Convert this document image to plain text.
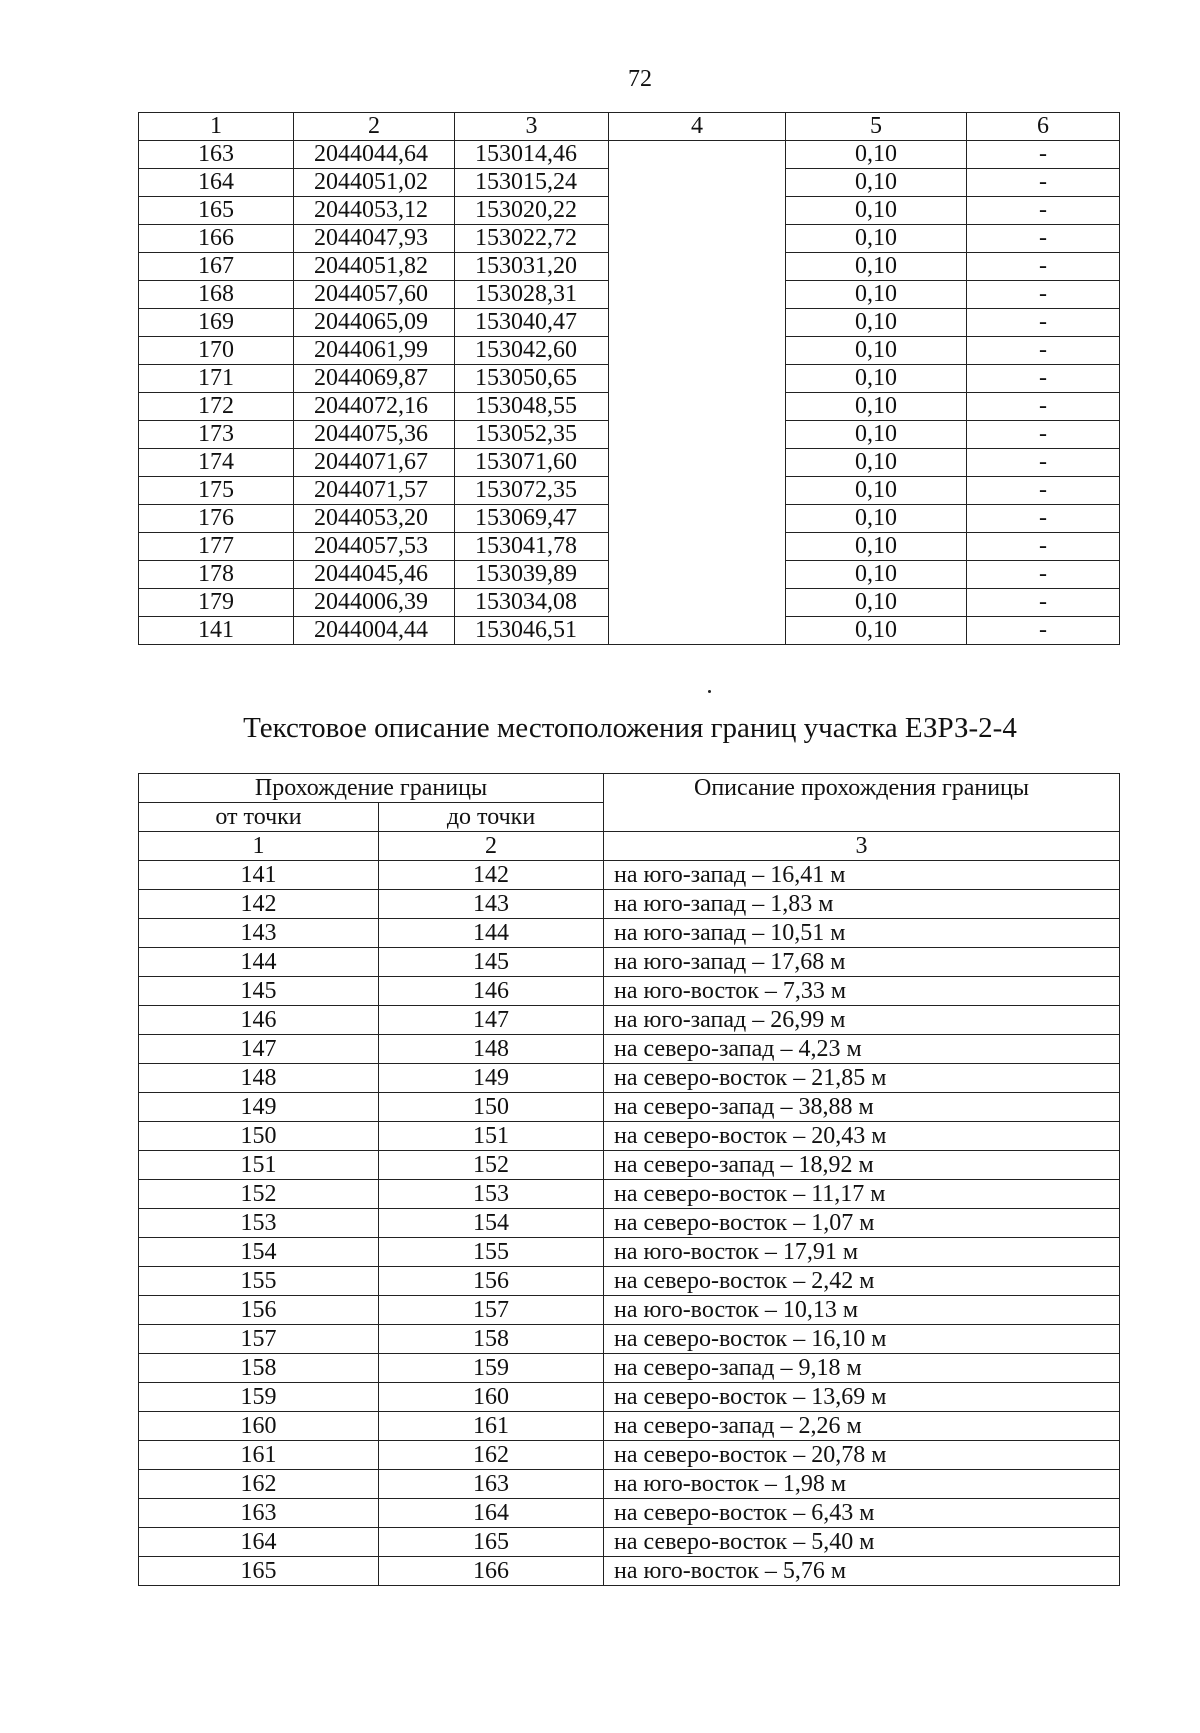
72
1	2	3	4	5	6
163	2044044,64	153014,46		0,10	-
164	2044051,02	153015,24		0,10	-
165	2044053,12	153020,22		0,10	-
166	2044047,93	153022,72		0,10	-
167	2044051,82	153031,20		0,10	-
168	2044057,60	153028,31		0,10	-
169	2044065,09	153040,47		0,10	-
170	2044061,99	153042,60		0,10	-
171	2044069,87	153050,65		0,10	-
172	2044072,16	153048,55		0,10	-
173	2044075,36	153052,35		0,10	-
174	2044071,67	153071,60		0,10	-
175	2044071,57	153072,35		0,10	-
176	2044053,20	153069,47		0,10	-
177	2044057,53	153041,78		0,10	-
178	2044045,46	153039,89		0,10	-
179	2044006,39	153034,08		0,10	-
141	2044004,44	153046,51		0,10	-
Текстовое описание местоположения границ участка ЕЗРЗ-2-4
Прохождение границы		Описание прохождения границы
от точки	до точки	
1	2	3
141	142	на юго-запад – 16,41 м
142	143	на юго-запад – 1,83 м
143	144	на юго-запад – 10,51 м
144	145	на юго-запад – 17,68 м
145	146	на юго-восток – 7,33 м
146	147	на юго-запад – 26,99 м
147	148	на северо-запад – 4,23 м
148	149	на северо-восток – 21,85 м
149	150	на северо-запад – 38,88 м
150	151	на северо-восток – 20,43 м
151	152	на северо-запад – 18,92 м
152	153	на северо-восток – 11,17 м
153	154	на северо-восток – 1,07 м
154	155	на юго-восток – 17,91 м
155	156	на северо-восток – 2,42 м
156	157	на юго-восток – 10,13 м
157	158	на северо-восток – 16,10 м
158	159	на северо-запад – 9,18 м
159	160	на северо-восток – 13,69 м
160	161	на северо-запад – 2,26 м
161	162	на северо-восток – 20,78 м
162	163	на юго-восток – 1,98 м
163	164	на северо-восток – 6,43 м
164	165	на северо-восток – 5,40 м
165	166	на юго-восток – 5,76 м
